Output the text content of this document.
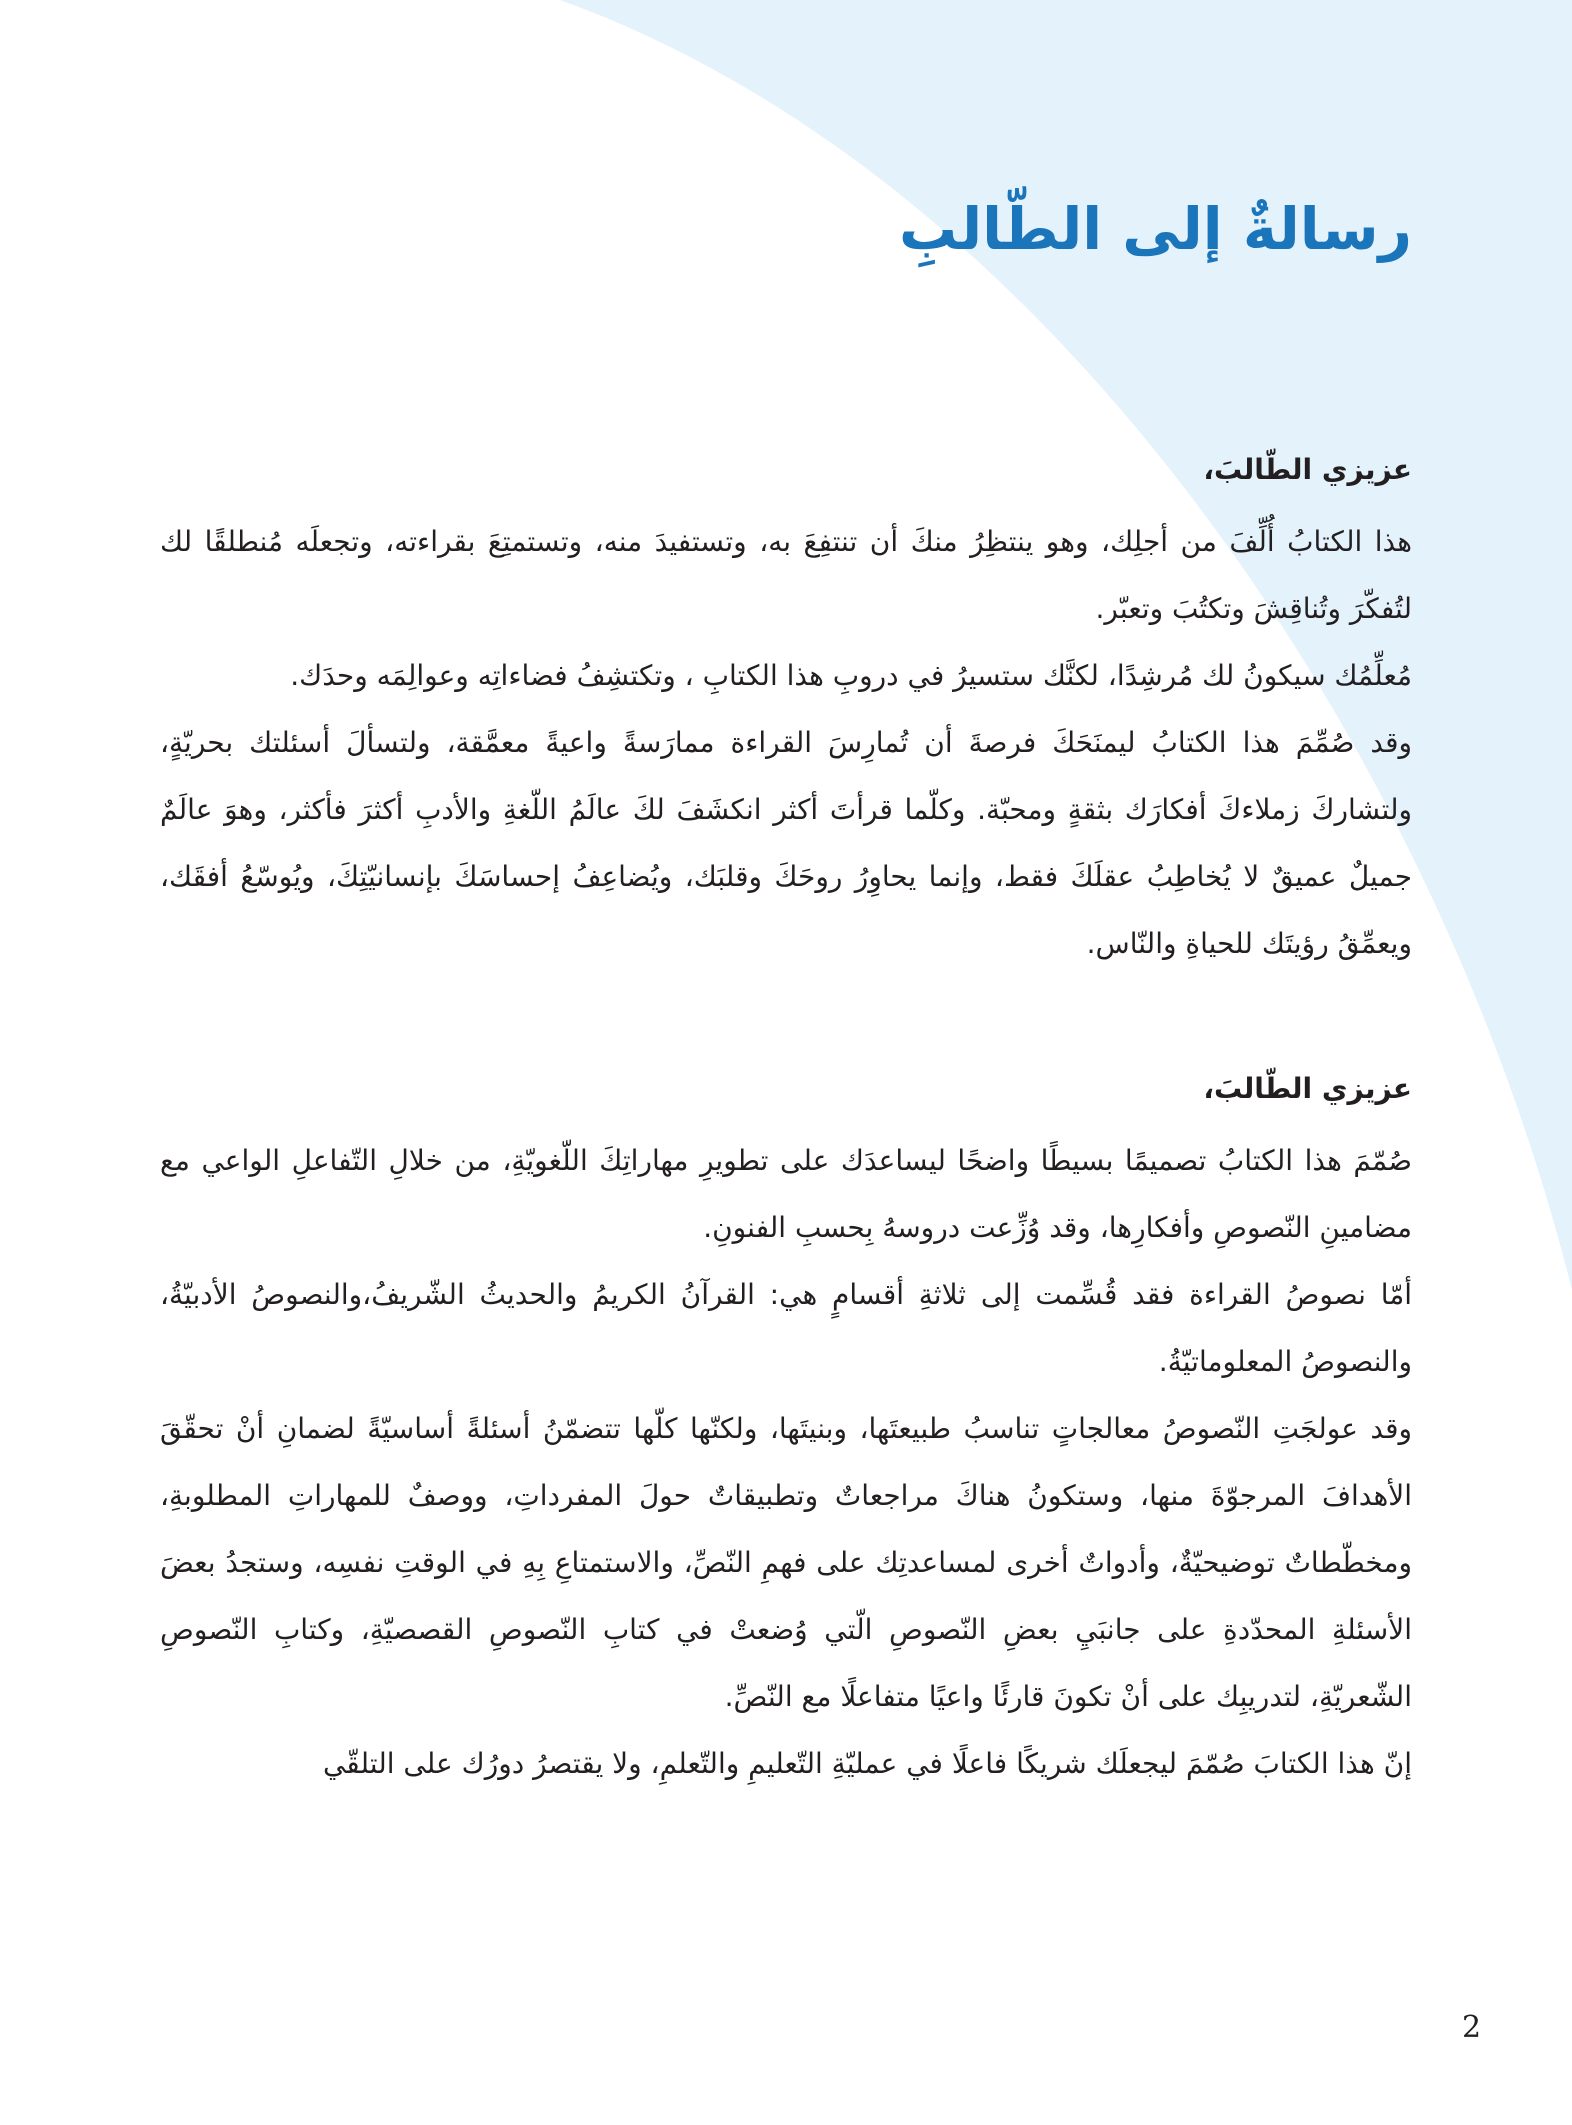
رسالةٌ إلى الطّالبِ

عزيزي الطّالبَ،

هذا الكتابُ أُلِّفَ من أجلِك، وهو ينتظِرُ منكَ أن تنتفِعَ به، وتستفيدَ منه، وتستمتِعَ بقراءته، وتجعلَه مُنطلقًا لك لتُفكّرَ وتُناقِشَ وتكتُبَ وتعبّر.

مُعلِّمُك سيكونُ لك مُرشِدًا، لكنَّك ستسيرُ في دروبِ هذا الكتابِ ، وتكتشِفُ فضاءاتِه وعوالِمَه وحدَك.

وقد صُمِّمَ هذا الكتابُ ليمنَحَكَ فرصةَ أن تُمارِسَ القراءة ممارَسةً واعيةً معمَّقة، ولتسألَ أسئلتك بحريّةٍ، ولتشاركَ زملاءكَ أفكارَك بثقةٍ ومحبّة. وكلّما قرأتَ أكثر انكشَفَ لكَ عالَمُ اللّغةِ والأدبِ أكثرَ فأكثر، وهوَ عالَمٌ جميلٌ عميقٌ لا يُخاطِبُ عقلَكَ فقط، وإنما يحاوِرُ روحَكَ وقلبَك، ويُضاعِفُ إحساسَكَ بإنسانيّتِكَ، ويُوسّعُ أفقَك، ويعمِّقُ رؤيتَك للحياةِ والنّاس.

عزيزي الطّالبَ،

صُمّمَ هذا الكتابُ تصميمًا بسيطًا واضحًا ليساعدَك على تطويرِ مهاراتِكَ اللّغويّةِ، من خلالِ التّفاعلِ الواعي مع مضامينِ النّصوصِ وأفكارِها، وقد وُزِّعت دروسهُ بِحسبِ الفنونِ.

أمّا نصوصُ القراءة فقد قُسِّمت إلى ثلاثةِ أقسامٍ هي: القرآنُ الكريمُ والحديثُ الشّريفُ،والنصوصُ الأدبيّةُ، والنصوصُ المعلوماتيّةُ.

وقد عولجَتِ النّصوصُ معالجاتٍ تناسبُ طبيعتَها، وبنيتَها، ولكنّها كلّها تتضمّنُ أسئلةً أساسيّةً لضمانِ أنْ تحقّقَ الأهدافَ المرجوّةَ منها، وستكونُ هناكَ مراجعاتٌ وتطبيقاتٌ حولَ المفرداتِ، ووصفٌ للمهاراتِ المطلوبةِ، ومخطّطاتٌ توضيحيّةٌ، وأدواتٌ أخرى لمساعدتِك على فهمِ النّصِّ، والاستمتاعِ بِهِ في الوقتِ نفسِه، وستجدُ بعضَ الأسئلةِ المحدّدةِ على جانبَيِ بعضِ النّصوصِ الّتي وُضعتْ في كتابِ النّصوصِ القصصيّةِ، وكتابِ النّصوصِ الشّعريّةِ، لتدريبِك على أنْ تكونَ قارئًا واعيًا متفاعلًا مع النّصِّ.

إنّ هذا الكتابَ صُمّمَ ليجعلَك شريكًا فاعلًا في عمليّةِ التّعليمِ والتّعلمِ، ولا يقتصرُ دورُك على التلقّي

2
